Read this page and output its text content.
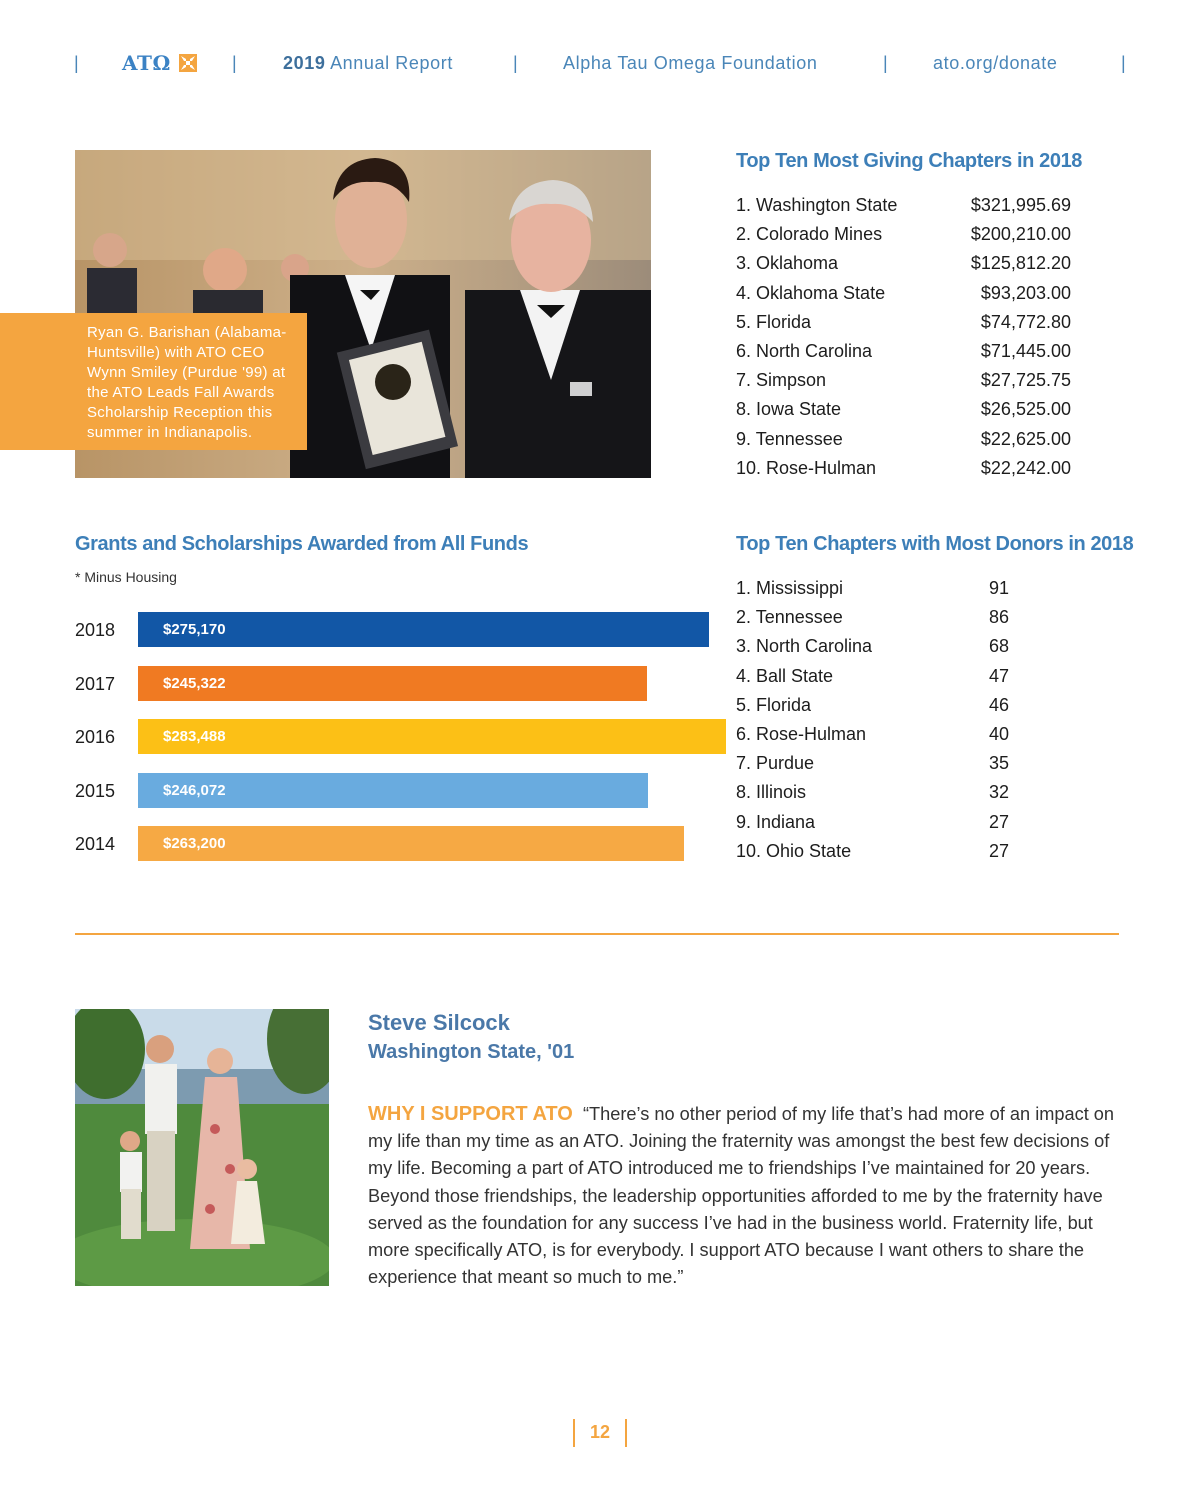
| ATΩ	|	2019 Annual Report	| Alpha Tau Omega Foundation	| ato.org/donate	|
Ryan G. Barishan (Alabama-Huntsville) with ATO CEO Wynn Smiley (Purdue '99) at the ATO Leads Fall Awards Scholarship Reception this summer in Indianapolis.
Top Ten Most Giving Chapters in 2018
1. Washington State	$321,995.69
2. Colorado Mines	$200,210.00
3. Oklahoma	$125,812.20
4. Oklahoma State	$93,203.00
5. Florida	$74,772.80
6. North Carolina	$71,445.00
7. Simpson	$27,725.75
8. Iowa State	$26,525.00
9. Tennessee	$22,625.00
10. Rose-Hulman	$22,242.00
Grants and Scholarships Awarded from All Funds
* Minus Housing
2018	$275,170
2017	$245,322
2016	$283,488
2015	$246,072
2014	$263,200
Top Ten Chapters with Most Donors in 2018
1. Mississippi	91
2. Tennessee	86
3. North Carolina	68
4. Ball State	47
5. Florida	46
6. Rose-Hulman	40
7. Purdue	35
8. Illinois	32
9. Indiana	27
10. Ohio State	27
Steve Silcock
Washington State, '01
WHY I SUPPORT ATO “There’s no other period of my life that’s had more of an impact on my life than my time as an ATO. Joining the fraternity was amongst the best few decisions of my life. Becoming a part of ATO introduced me to friendships I’ve maintained for 20 years. Beyond those friendships, the leadership opportunities afforded to me by the fraternity have served as the foundation for any success I’ve had in the business world. Fraternity life, but more specifically ATO, is for everybody. I support ATO because I want others to share the experience that meant so much to me.”
12
